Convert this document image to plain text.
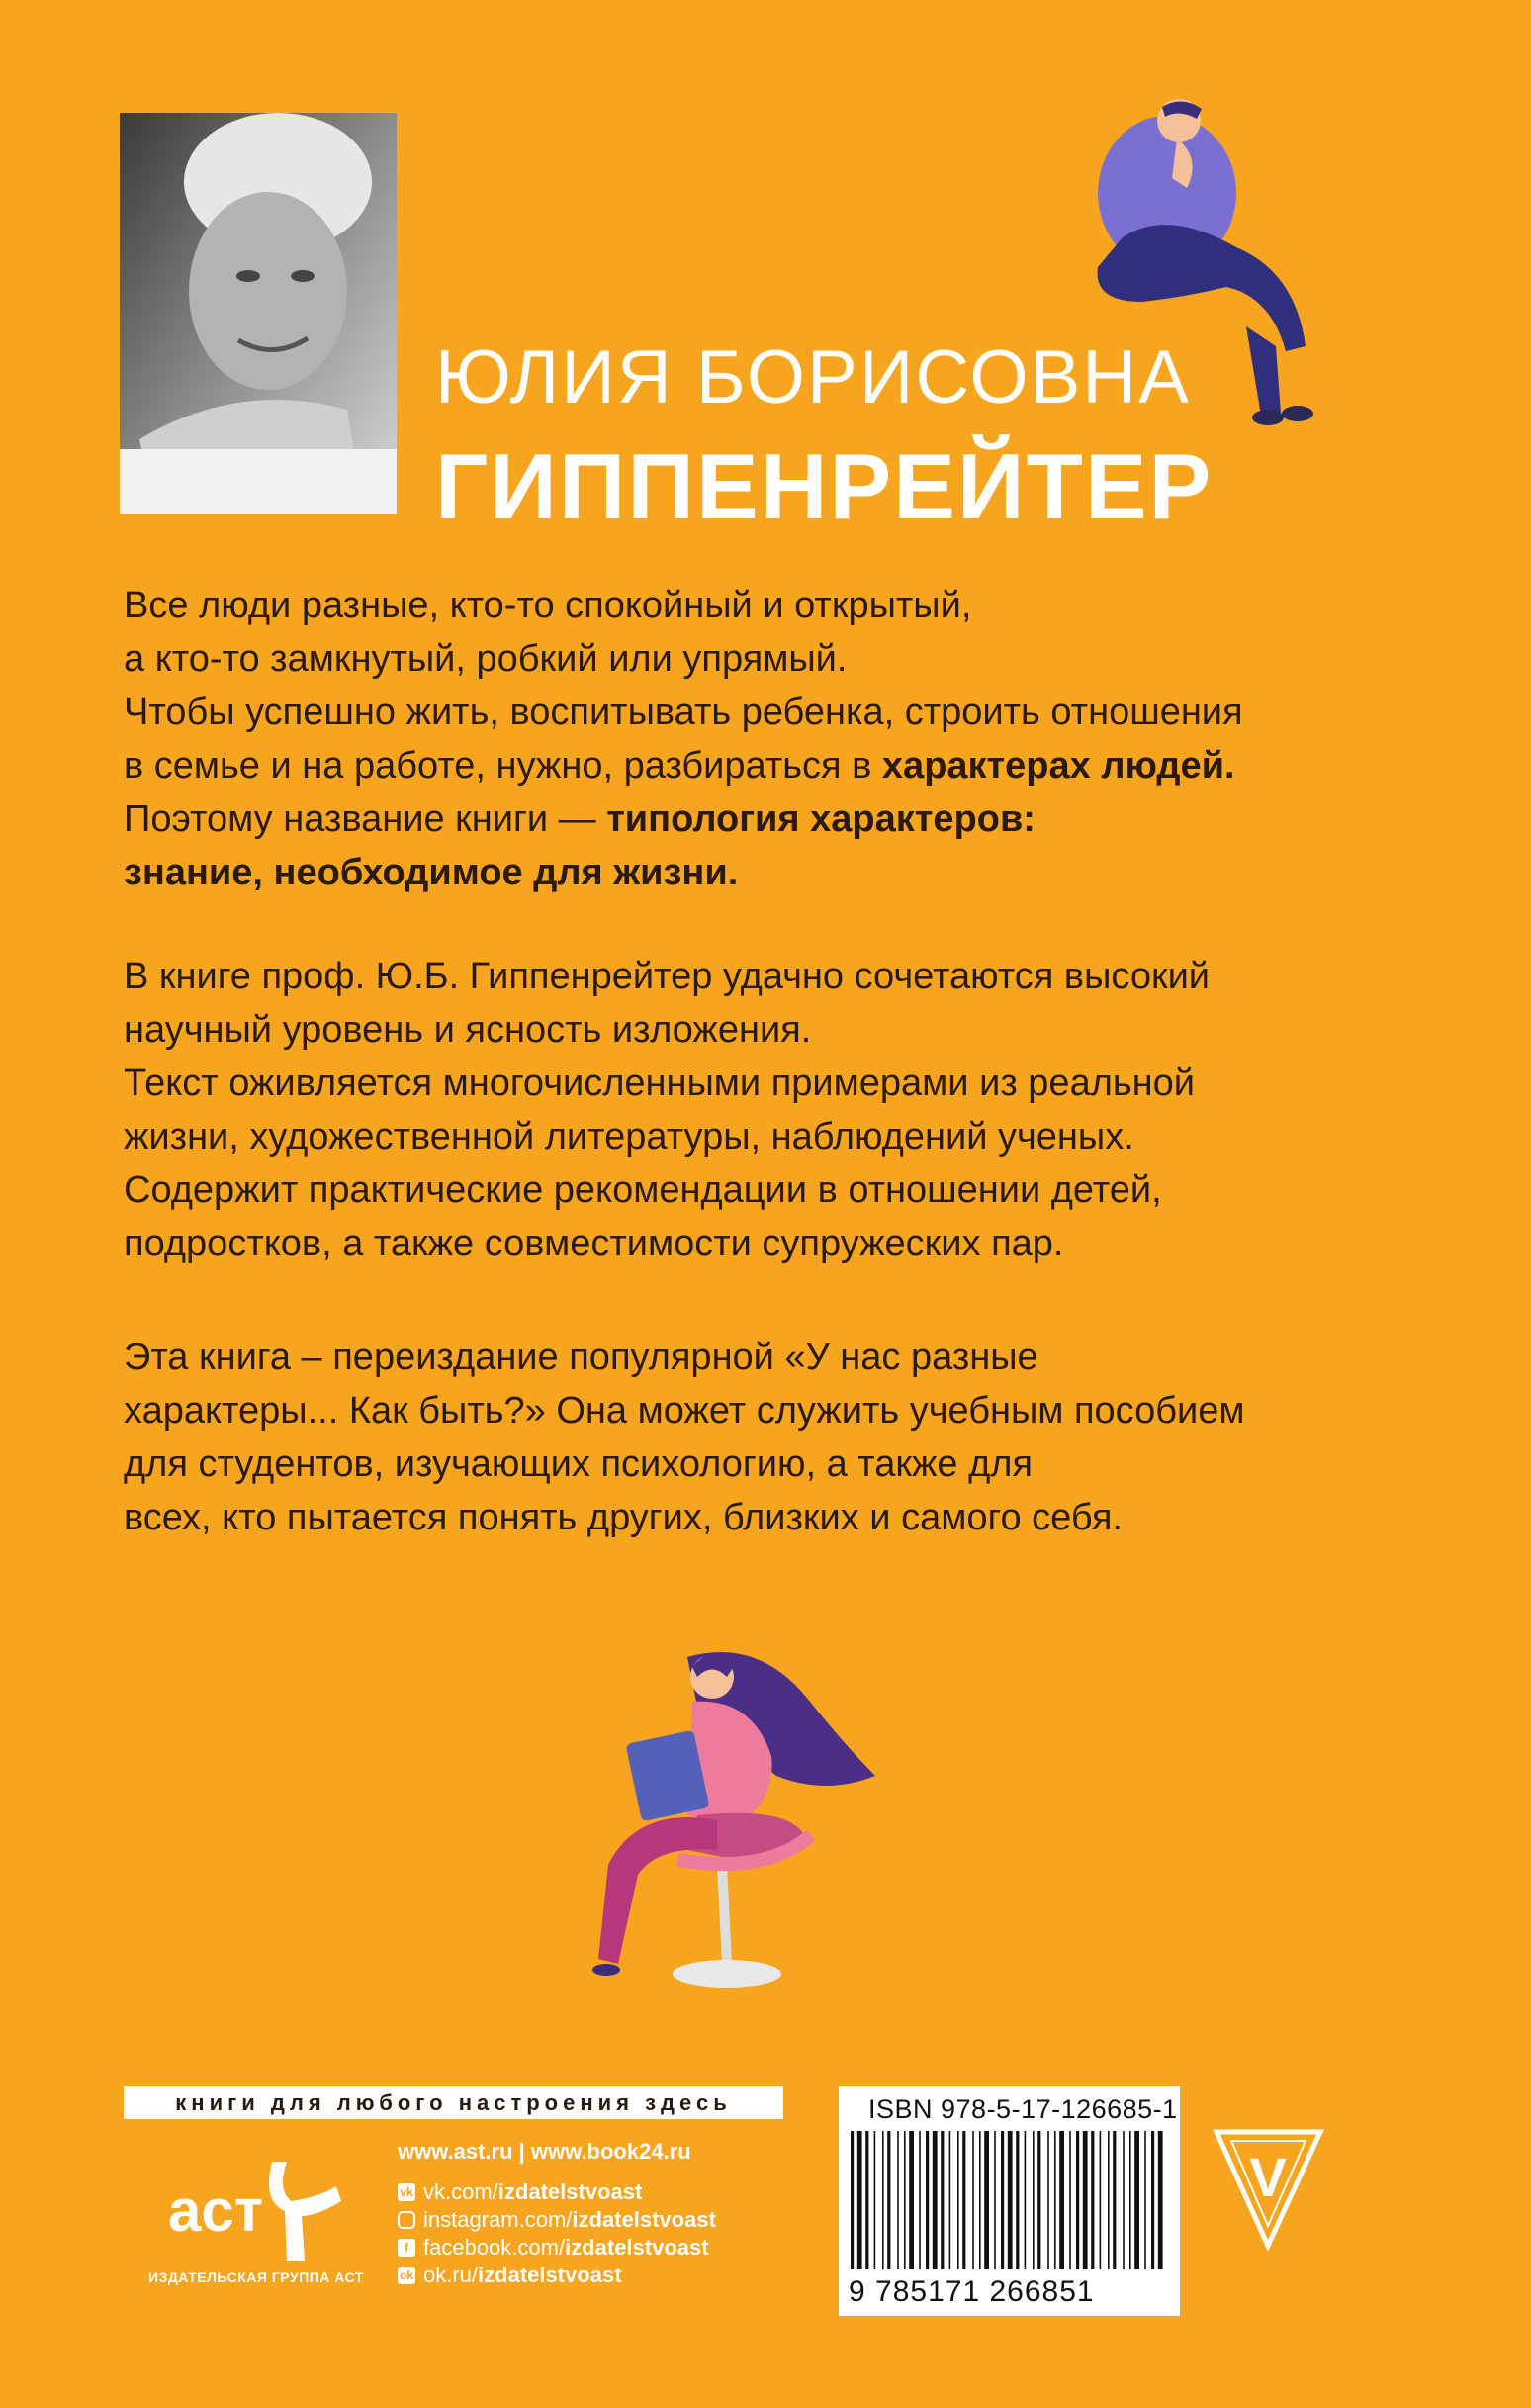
ЮЛИЯ БОРИСОВНА
ГИППЕНРЕЙТЕР

Все люди разные, кто-то спокойный и открытый,

а кто-то замкнутый, робкий или упрямый.

Чтобы успешно жить, воспитывать ребенка, строить отношения

в семье и на работе, нужно, разбираться в характерах людей.

Поэтому название книги — типология характеров:

знание, необходимое для жизни.

В книге проф. Ю.Б. Гиппенрейтер удачно сочетаются высокий

научный уровень и ясность изложения.

Текст оживляется многочисленными примерами из реальной

жизни, художественной литературы, наблюдений ученых.

Содержит практические рекомендации в отношении детей,

подростков, а также совместимости супружеских пар.

Эта книга – переиздание популярной «У нас разные

характеры... Как быть?» Она может служить учебным пособием

для студентов, изучающих психологию, а также для

всех, кто пытается понять других, близких и самого себя.

книги для любого настроения здесь
аст
ИЗДАТЕЛЬСКАЯ ГРУППА АСТ
www.ast.ru | www.book24.ru
vk vk.com/izdatelstvoast
instagram.com/izdatelstvoast
f facebook.com/izdatelstvoast
ok ok.ru/izdatelstvoast
ISBN 978-5-17-126685-1
9 785171 266851
V
